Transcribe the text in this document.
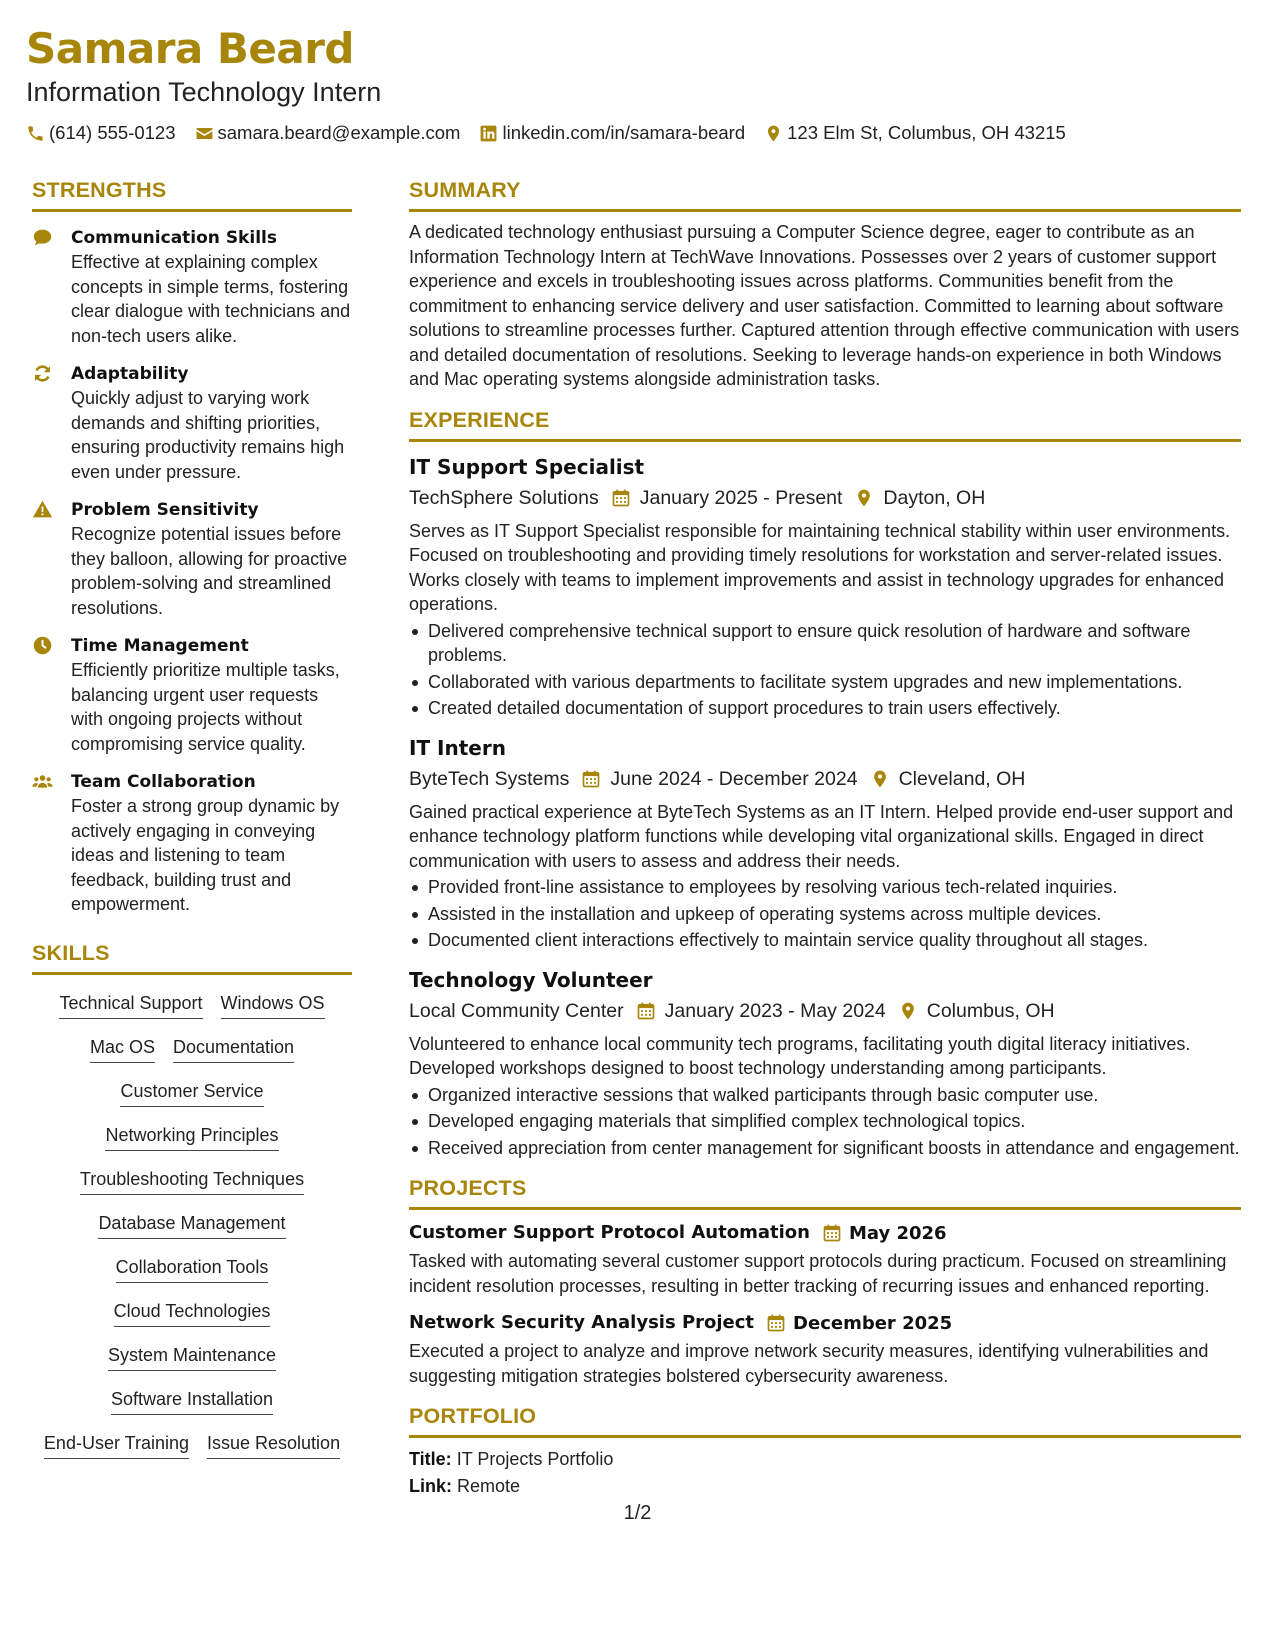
Samara Beard
Information Technology Intern
(614) 555-0123 samara.beard@example.com linkedin.com/in/samara-beard 123 Elm St, Columbus, OH 43215
STRENGTHS
Communication Skills
Effective at explaining complex concepts in simple terms, fostering clear dialogue with technicians and non-tech users alike.
Adaptability
Quickly adjust to varying work demands and shifting priorities, ensuring productivity remains high even under pressure.
Problem Sensitivity
Recognize potential issues before they balloon, allowing for proactive problem-solving and streamlined resolutions.
Time Management
Efficiently prioritize multiple tasks, balancing urgent user requests with ongoing projects without compromising service quality.
Team Collaboration
Foster a strong group dynamic by actively engaging in conveying ideas and listening to team feedback, building trust and empowerment.
SKILLS
Technical Support Windows OS
Mac OS Documentation
Customer Service
Networking Principles
Troubleshooting Techniques
Database Management
Collaboration Tools
Cloud Technologies
System Maintenance
Software Installation
End-User Training Issue Resolution
SUMMARY
A dedicated technology enthusiast pursuing a Computer Science degree, eager to contribute as an Information Technology Intern at TechWave Innovations. Possesses over 2 years of customer support experience and excels in troubleshooting issues across platforms. Communities benefit from the commitment to enhancing service delivery and user satisfaction. Committed to learning about software solutions to streamline processes further. Captured attention through effective communication with users and detailed documentation of resolutions. Seeking to leverage hands-on experience in both Windows and Mac operating systems alongside administration tasks.
EXPERIENCE
IT Support Specialist
TechSphere Solutions January 2025 - Present Dayton, OH
Serves as IT Support Specialist responsible for maintaining technical stability within user environments. Focused on troubleshooting and providing timely resolutions for workstation and server-related issues. Works closely with teams to implement improvements and assist in technology upgrades for enhanced operations.
Delivered comprehensive technical support to ensure quick resolution of hardware and software problems.
Collaborated with various departments to facilitate system upgrades and new implementations.
Created detailed documentation of support procedures to train users effectively.
IT Intern
ByteTech Systems June 2024 - December 2024 Cleveland, OH
Gained practical experience at ByteTech Systems as an IT Intern. Helped provide end-user support and enhance technology platform functions while developing vital organizational skills. Engaged in direct communication with users to assess and address their needs.
Provided front-line assistance to employees by resolving various tech-related inquiries.
Assisted in the installation and upkeep of operating systems across multiple devices.
Documented client interactions effectively to maintain service quality throughout all stages.
Technology Volunteer
Local Community Center January 2023 - May 2024 Columbus, OH
Volunteered to enhance local community tech programs, facilitating youth digital literacy initiatives. Developed workshops designed to boost technology understanding among participants.
Organized interactive sessions that walked participants through basic computer use.
Developed engaging materials that simplified complex technological topics.
Received appreciation from center management for significant boosts in attendance and engagement.
PROJECTS
Customer Support Protocol Automation May 2026
Tasked with automating several customer support protocols during practicum. Focused on streamlining incident resolution processes, resulting in better tracking of recurring issues and enhanced reporting.
Network Security Analysis Project December 2025
Executed a project to analyze and improve network security measures, identifying vulnerabilities and suggesting mitigation strategies bolstered cybersecurity awareness.
PORTFOLIO
Title: IT Projects Portfolio
Link: Remote
1/2
